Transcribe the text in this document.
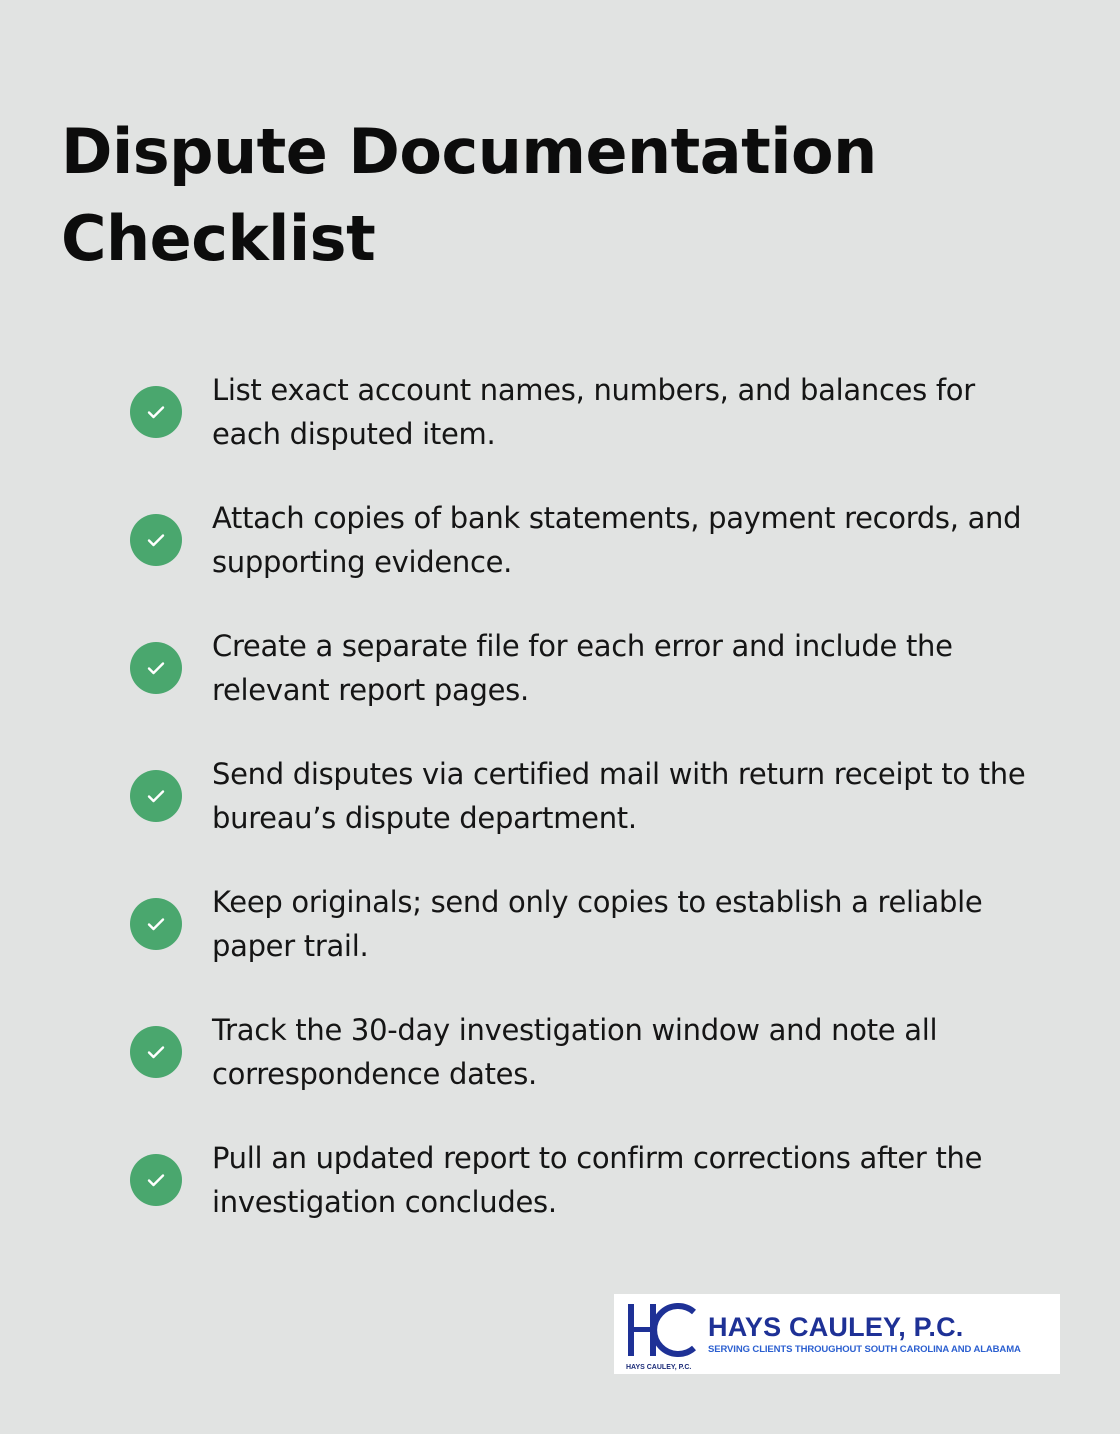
Dispute Documentation
Checklist
List exact account names, numbers, and balances for each disputed item.
Attach copies of bank statements, payment records, and supporting evidence.
Create a separate file for each error and include the relevant report pages.
Send disputes via certified mail with return receipt to the bureau’s dispute department.
Keep originals; send only copies to establish a reliable paper trail.
Track the 30-day investigation window and note all correspondence dates.
Pull an updated report to confirm corrections after the investigation concludes.
HAYS CAULEY, P.C.
HAYS CAULEY, P.C.
SERVING CLIENTS THROUGHOUT SOUTH CAROLINA AND ALABAMA
